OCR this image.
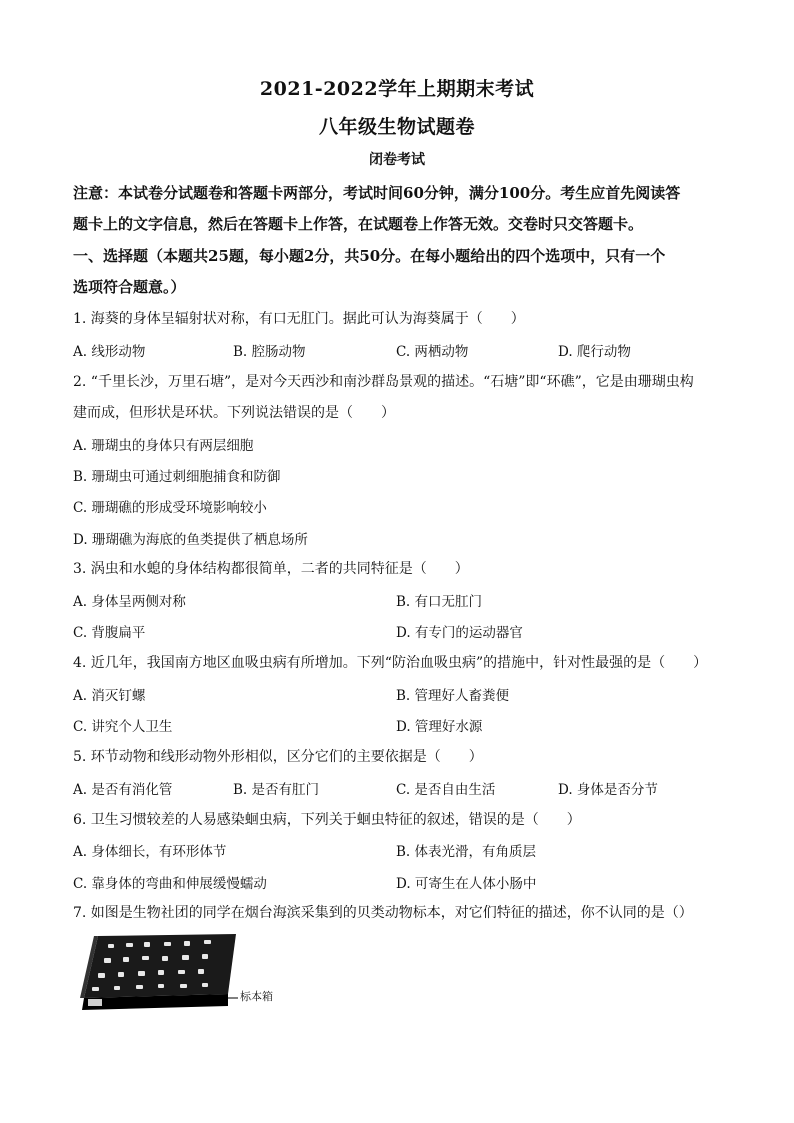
2021-2022学年上期期末考试
八年级生物试题卷
闭卷考试
注意：本试卷分试题卷和答题卡两部分，考试时间60分钟，满分100分。考生应首先阅读答
题卡上的文字信息，然后在答题卡上作答，在试题卷上作答无效。交卷时只交答题卡。
一、选择题（本题共25题，每小题2分，共50分。在每小题给出的四个选项中，只有一个
选项符合题意。）
1. 海葵的身体呈辐射状对称，有口无肛门。据此可认为海葵属于（　　）
A. 线形动物	B. 腔肠动物	C. 两栖动物	D. 爬行动物
2. “千里长沙，万里石塘”，是对今天西沙和南沙群岛景观的描述。“石塘”即“环礁”，它是由珊瑚虫构
建而成，但形状是环状。下列说法错误的是（　　）
A. 珊瑚虫的身体只有两层细胞
B. 珊瑚虫可通过刺细胞捕食和防御
C. 珊瑚礁的形成受环境影响较小
D. 珊瑚礁为海底的鱼类提供了栖息场所
3. 涡虫和水螅的身体结构都很简单，二者的共同特征是（　　）
A. 身体呈两侧对称	B. 有口无肛门
C. 背腹扁平	D. 有专门的运动器官
4. 近几年，我国南方地区血吸虫病有所增加。下列“防治血吸虫病”的措施中，针对性最强的是（　　）
A. 消灭钉螺	B. 管理好人畜粪便
C. 讲究个人卫生	D. 管理好水源
5. 环节动物和线形动物外形相似，区分它们的主要依据是（　　）
A. 是否有消化管	B. 是否有肛门	C. 是否自由生活	D. 身体是否分节
6. 卫生习惯较差的人易感染蛔虫病，下列关于蛔虫特征的叙述，错误的是（　　）
A. 身体细长，有环形体节	B. 体表光滑，有角质层
C. 靠身体的弯曲和伸展缓慢蠕动	D. 可寄生在人体小肠中
7. 如图是生物社团的同学在烟台海滨采集到的贝类动物标本，对它们特征的描述，你不认同的是（）
标本箱
